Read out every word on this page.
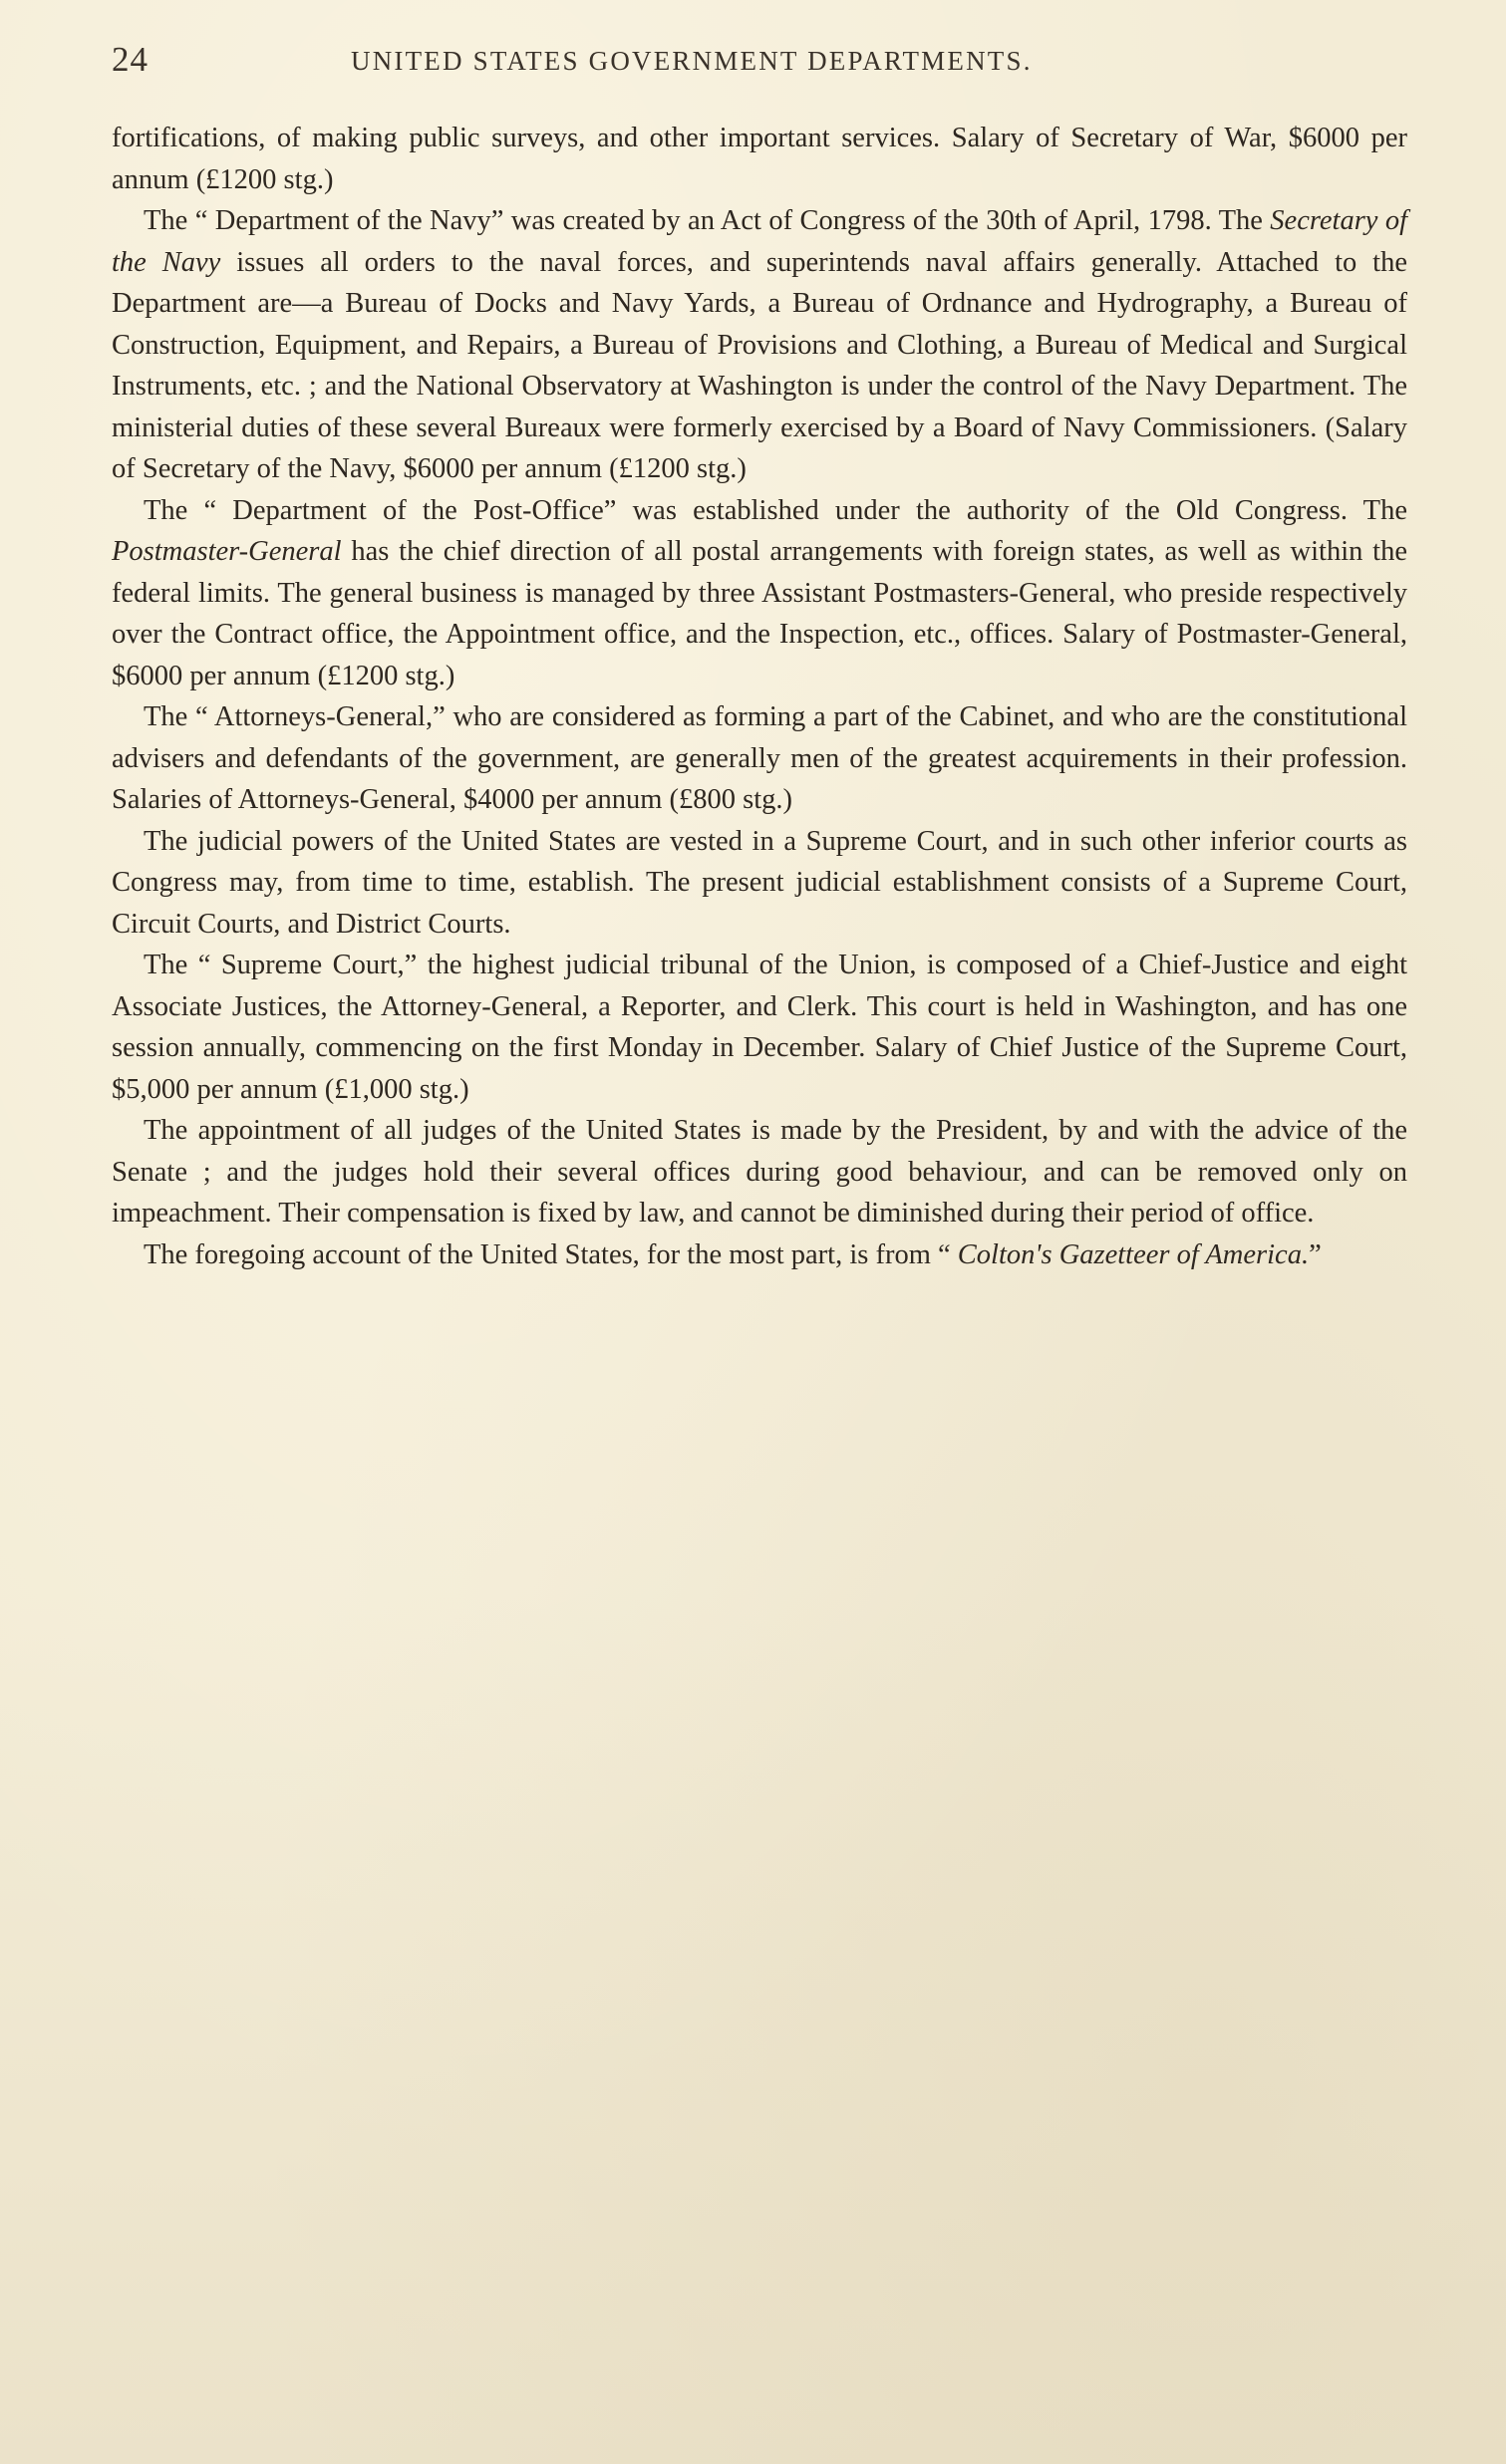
24	UNITED STATES GOVERNMENT DEPARTMENTS.

fortifications, of making public surveys, and other important services. Salary of Secretary of War, $6000 per annum (£1200 stg.)

The “ Department of the Navy” was created by an Act of Congress of the 30th of April, 1798. The Secretary of the Navy issues all orders to the naval forces, and superintends naval affairs generally. Attached to the Department are—a Bureau of Docks and Navy Yards, a Bureau of Ordnance and Hydrography, a Bureau of Construction, Equipment, and Repairs, a Bureau of Provisions and Clothing, a Bureau of Medical and Surgical Instruments, etc. ; and the National Observatory at Washington is under the control of the Navy Department. The ministerial duties of these several Bureaux were formerly exercised by a Board of Navy Commissioners. (Salary of Secretary of the Navy, $6000 per annum (£1200 stg.)

The “ Department of the Post-Office” was established under the authority of the Old Congress. The Postmaster-General has the chief direction of all postal arrangements with foreign states, as well as within the federal limits. The general business is managed by three Assistant Postmasters-General, who preside respectively over the Contract office, the Appointment office, and the Inspection, etc., offices. Salary of Postmaster-General, $6000 per annum (£1200 stg.)

The “ Attorneys-General,” who are considered as forming a part of the Cabinet, and who are the constitutional advisers and defendants of the government, are generally men of the greatest acquirements in their profession. Salaries of Attorneys-General, $4000 per annum (£800 stg.)

The judicial powers of the United States are vested in a Supreme Court, and in such other inferior courts as Congress may, from time to time, establish. The present judicial establishment consists of a Supreme Court, Circuit Courts, and District Courts.

The “ Supreme Court,” the highest judicial tribunal of the Union, is composed of a Chief-Justice and eight Associate Justices, the Attorney-General, a Reporter, and Clerk. This court is held in Washington, and has one session annually, commencing on the first Monday in December. Salary of Chief Justice of the Supreme Court, $5,000 per annum (£1,000 stg.)

The appointment of all judges of the United States is made by the President, by and with the advice of the Senate ; and the judges hold their several offices during good behaviour, and can be removed only on impeachment. Their compensation is fixed by law, and cannot be diminished during their period of office.

The foregoing account of the United States, for the most part, is from “ Colton's Gazetteer of America.”
